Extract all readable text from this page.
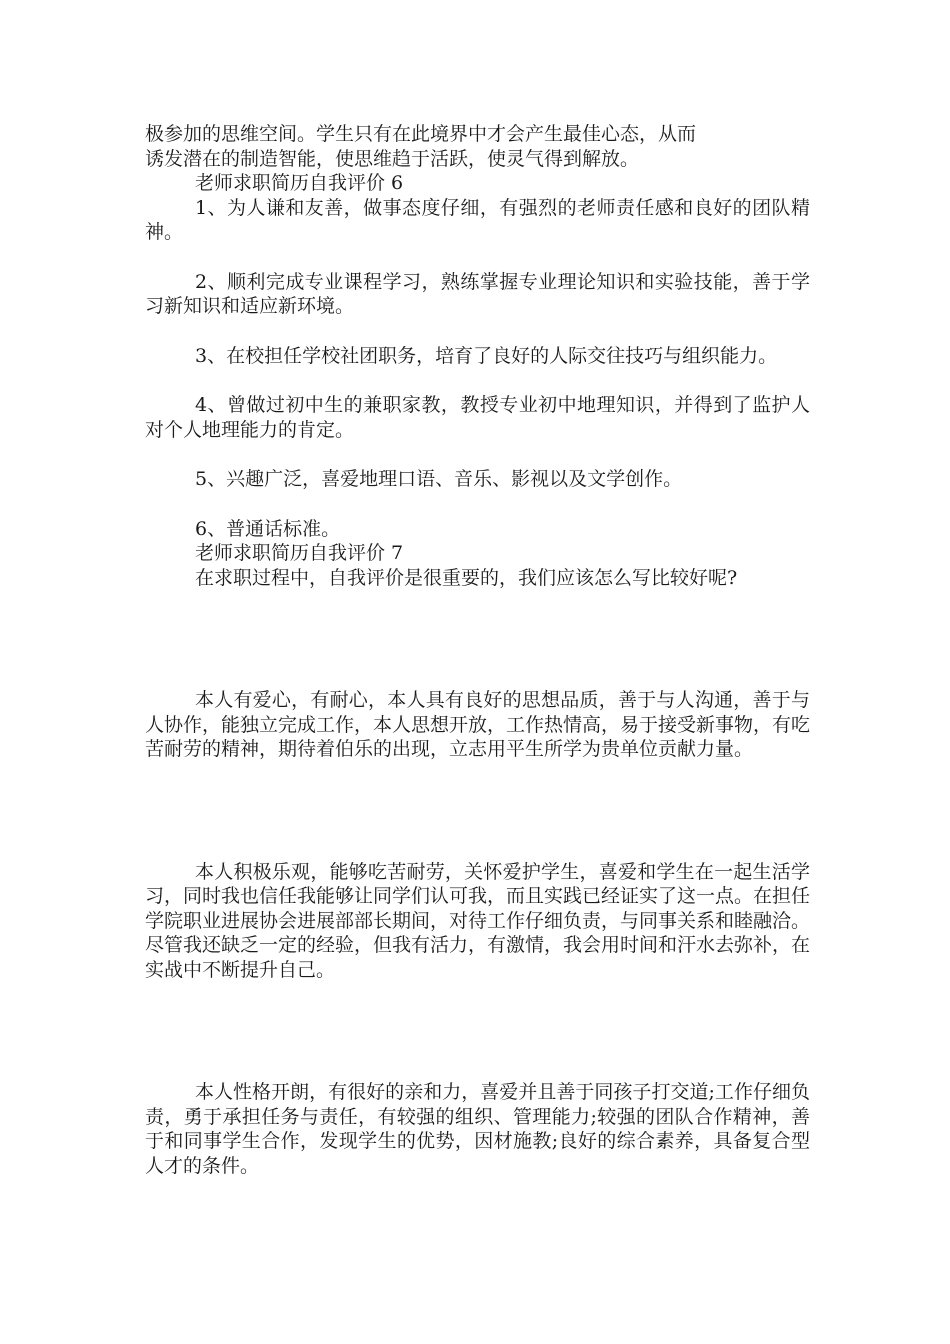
极参加的思维空间。学生只有在此境界中才会产生最佳心态，从而

诱发潜在的制造智能，使思维趋于活跃，使灵气得到解放。

老师求职简历自我评价 6

1、为人谦和友善，做事态度仔细，有强烈的老师责任感和良好的团队精神。

2、顺利完成专业课程学习，熟练掌握专业理论知识和实验技能，善于学习新知识和适应新环境。

3、在校担任学校社团职务，培育了良好的人际交往技巧与组织能力。

4、曾做过初中生的兼职家教，教授专业初中地理知识，并得到了监护人对个人地理能力的肯定。

5、兴趣广泛，喜爱地理口语、音乐、影视以及文学创作。

6、普通话标准。

老师求职简历自我评价 7

在求职过程中，自我评价是很重要的，我们应该怎么写比较好呢?

本人有爱心，有耐心，本人具有良好的思想品质，善于与人沟通，善于与人协作，能独立完成工作，本人思想开放，工作热情高，易于接受新事物，有吃苦耐劳的精神，期待着伯乐的出现，立志用平生所学为贵单位贡献力量。

本人积极乐观，能够吃苦耐劳，关怀爱护学生，喜爱和学生在一起生活学习，同时我也信任我能够让同学们认可我，而且实践已经证实了这一点。在担任学院职业进展协会进展部部长期间，对待工作仔细负责，与同事关系和睦融洽。尽管我还缺乏一定的经验，但我有活力，有激情，我会用时间和汗水去弥补，在实战中不断提升自己。

本人性格开朗，有很好的亲和力，喜爱并且善于同孩子打交道;工作仔细负责，勇于承担任务与责任，有较强的组织、管理能力;较强的团队合作精神，善于和同事学生合作，发现学生的优势，因材施教;良好的综合素养，具备复合型人才的条件。
